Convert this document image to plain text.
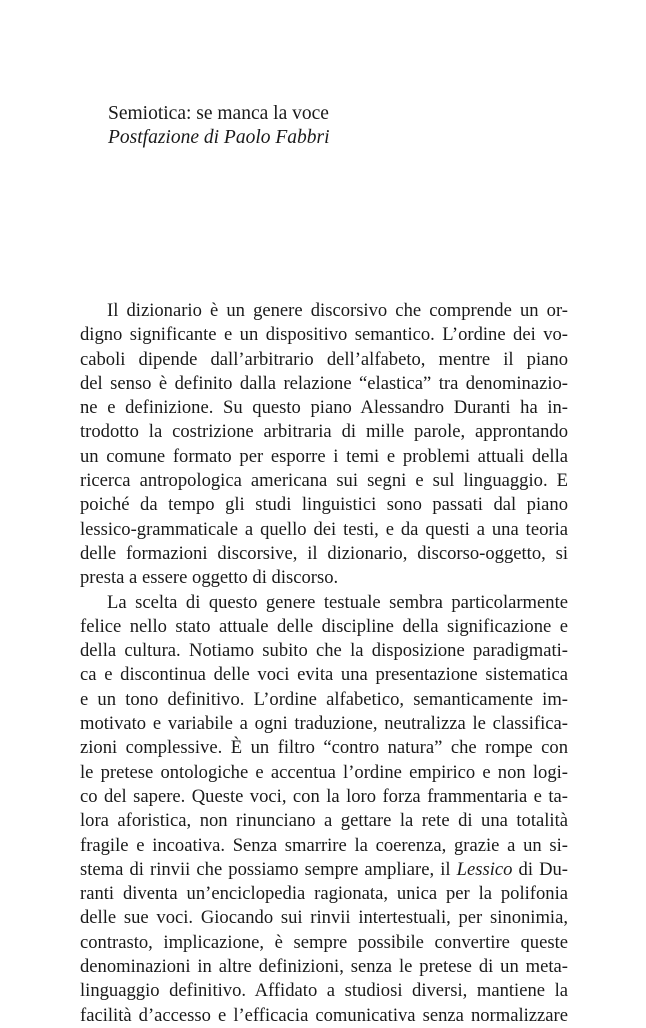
Semiotica: se manca la voce
Postfazione di Paolo Fabbri
Il dizionario è un genere discorsivo che comprende un or-
digno significante e un dispositivo semantico. L’ordine dei vo-
caboli dipende dall’arbitrario dell’alfabeto, mentre il piano
del senso è definito dalla relazione “elastica” tra denominazio-
ne e definizione. Su questo piano Alessandro Duranti ha in-
trodotto la costrizione arbitraria di mille parole, approntando
un comune formato per esporre i temi e problemi attuali della
ricerca antropologica americana sui segni e sul linguaggio. E
poiché da tempo gli studi linguistici sono passati dal piano
lessico-grammaticale a quello dei testi, e da questi a una teoria
delle formazioni discorsive, il dizionario, discorso-oggetto, si
presta a essere oggetto di discorso.
La scelta di questo genere testuale sembra particolarmente
felice nello stato attuale delle discipline della significazione e
della cultura. Notiamo subito che la disposizione paradigmati-
ca e discontinua delle voci evita una presentazione sistematica
e un tono definitivo. L’ordine alfabetico, semanticamente im-
motivato e variabile a ogni traduzione, neutralizza le classifica-
zioni complessive. È un filtro “contro natura” che rompe con
le pretese ontologiche e accentua l’ordine empirico e non logi-
co del sapere. Queste voci, con la loro forza frammentaria e ta-
lora aforistica, non rinunciano a gettare la rete di una totalità
fragile e incoativa. Senza smarrire la coerenza, grazie a un si-
stema di rinvii che possiamo sempre ampliare, il Lessico di Du-
ranti diventa un’enciclopedia ragionata, unica per la polifonia
delle sue voci. Giocando sui rinvii intertestuali, per sinonimia,
contrasto, implicazione, è sempre possibile convertire queste
denominazioni in altre definizioni, senza le pretese di un meta-
linguaggio definitivo. Affidato a studiosi diversi, mantiene la
facilità d’accesso e l’efficacia comunicativa senza normalizzare
